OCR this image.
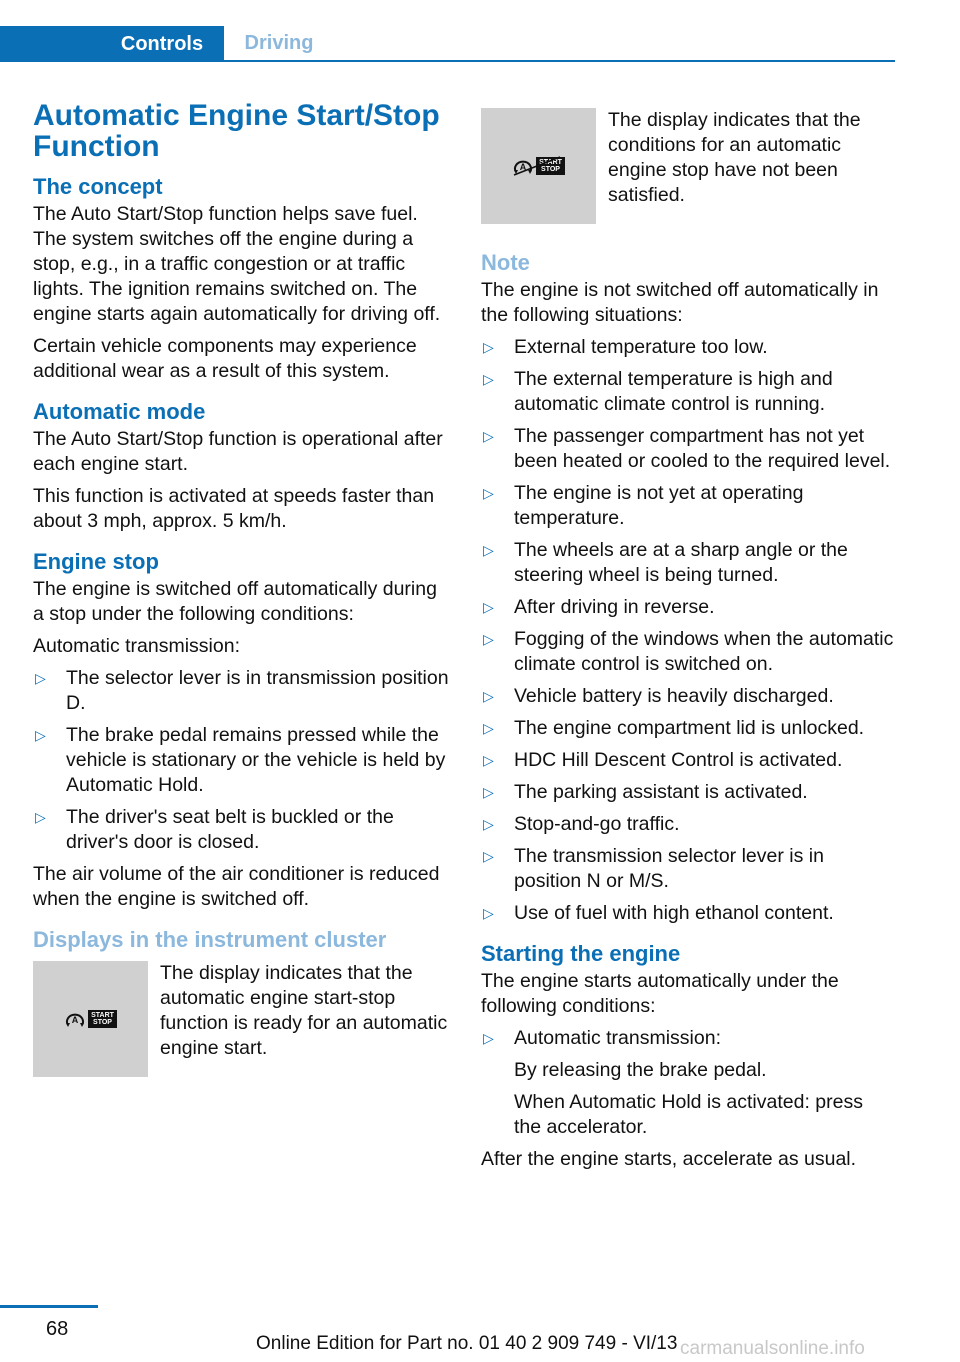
Controls	Driving
Automatic Engine Start/Stop Function
The concept

The Auto Start/Stop function helps save fuel. The system switches off the engine during a stop, e.g., in a traffic congestion or at traffic lights. The ignition remains switched on. The engine starts again automatically for driving off.

Certain vehicle components may experience additional wear as a result of this system.

Automatic mode

The Auto Start/Stop function is operational after each engine start.

This function is activated at speeds faster than about 3 mph, approx. 5 km/h.

Engine stop

The engine is switched off automatically during a stop under the following conditions:

Automatic transmission:

▷ The selector lever is in transmission position D.
▷ The brake pedal remains pressed while the vehicle is stationary or the vehicle is held by Automatic Hold.
▷ The driver's seat belt is buckled or the driver's door is closed.

The air volume of the air conditioner is reduced when the engine is switched off.

Displays in the instrument cluster
A	START
STOP
The display indicates that the automatic engine start-stop function is ready for an automatic engine start.
A	START
STOP
The display indicates that the conditions for an automatic engine stop have not been satisfied.
Note

The engine is not switched off automatically in the following situations:

▷ External temperature too low.
▷ The external temperature is high and automatic climate control is running.
▷ The passenger compartment has not yet been heated or cooled to the required level.
▷ The engine is not yet at operating temperature.
▷ The wheels are at a sharp angle or the steering wheel is being turned.
▷ After driving in reverse.
▷ Fogging of the windows when the automatic climate control is switched on.
▷ Vehicle battery is heavily discharged.
▷ The engine compartment lid is unlocked.
▷ HDC Hill Descent Control is activated.
▷ The parking assistant is activated.
▷ Stop-and-go traffic.
▷ The transmission selector lever is in position N or M/S.
▷ Use of fuel with high ethanol content.
Starting the engine

The engine starts automatically under the following conditions:

▷ Automatic transmission:
By releasing the brake pedal.
When Automatic Hold is activated: press the accelerator.

After the engine starts, accelerate as usual.

68
Online Edition for Part no. 01 40 2 909 749 - VI/13 carmanualsonline.info
